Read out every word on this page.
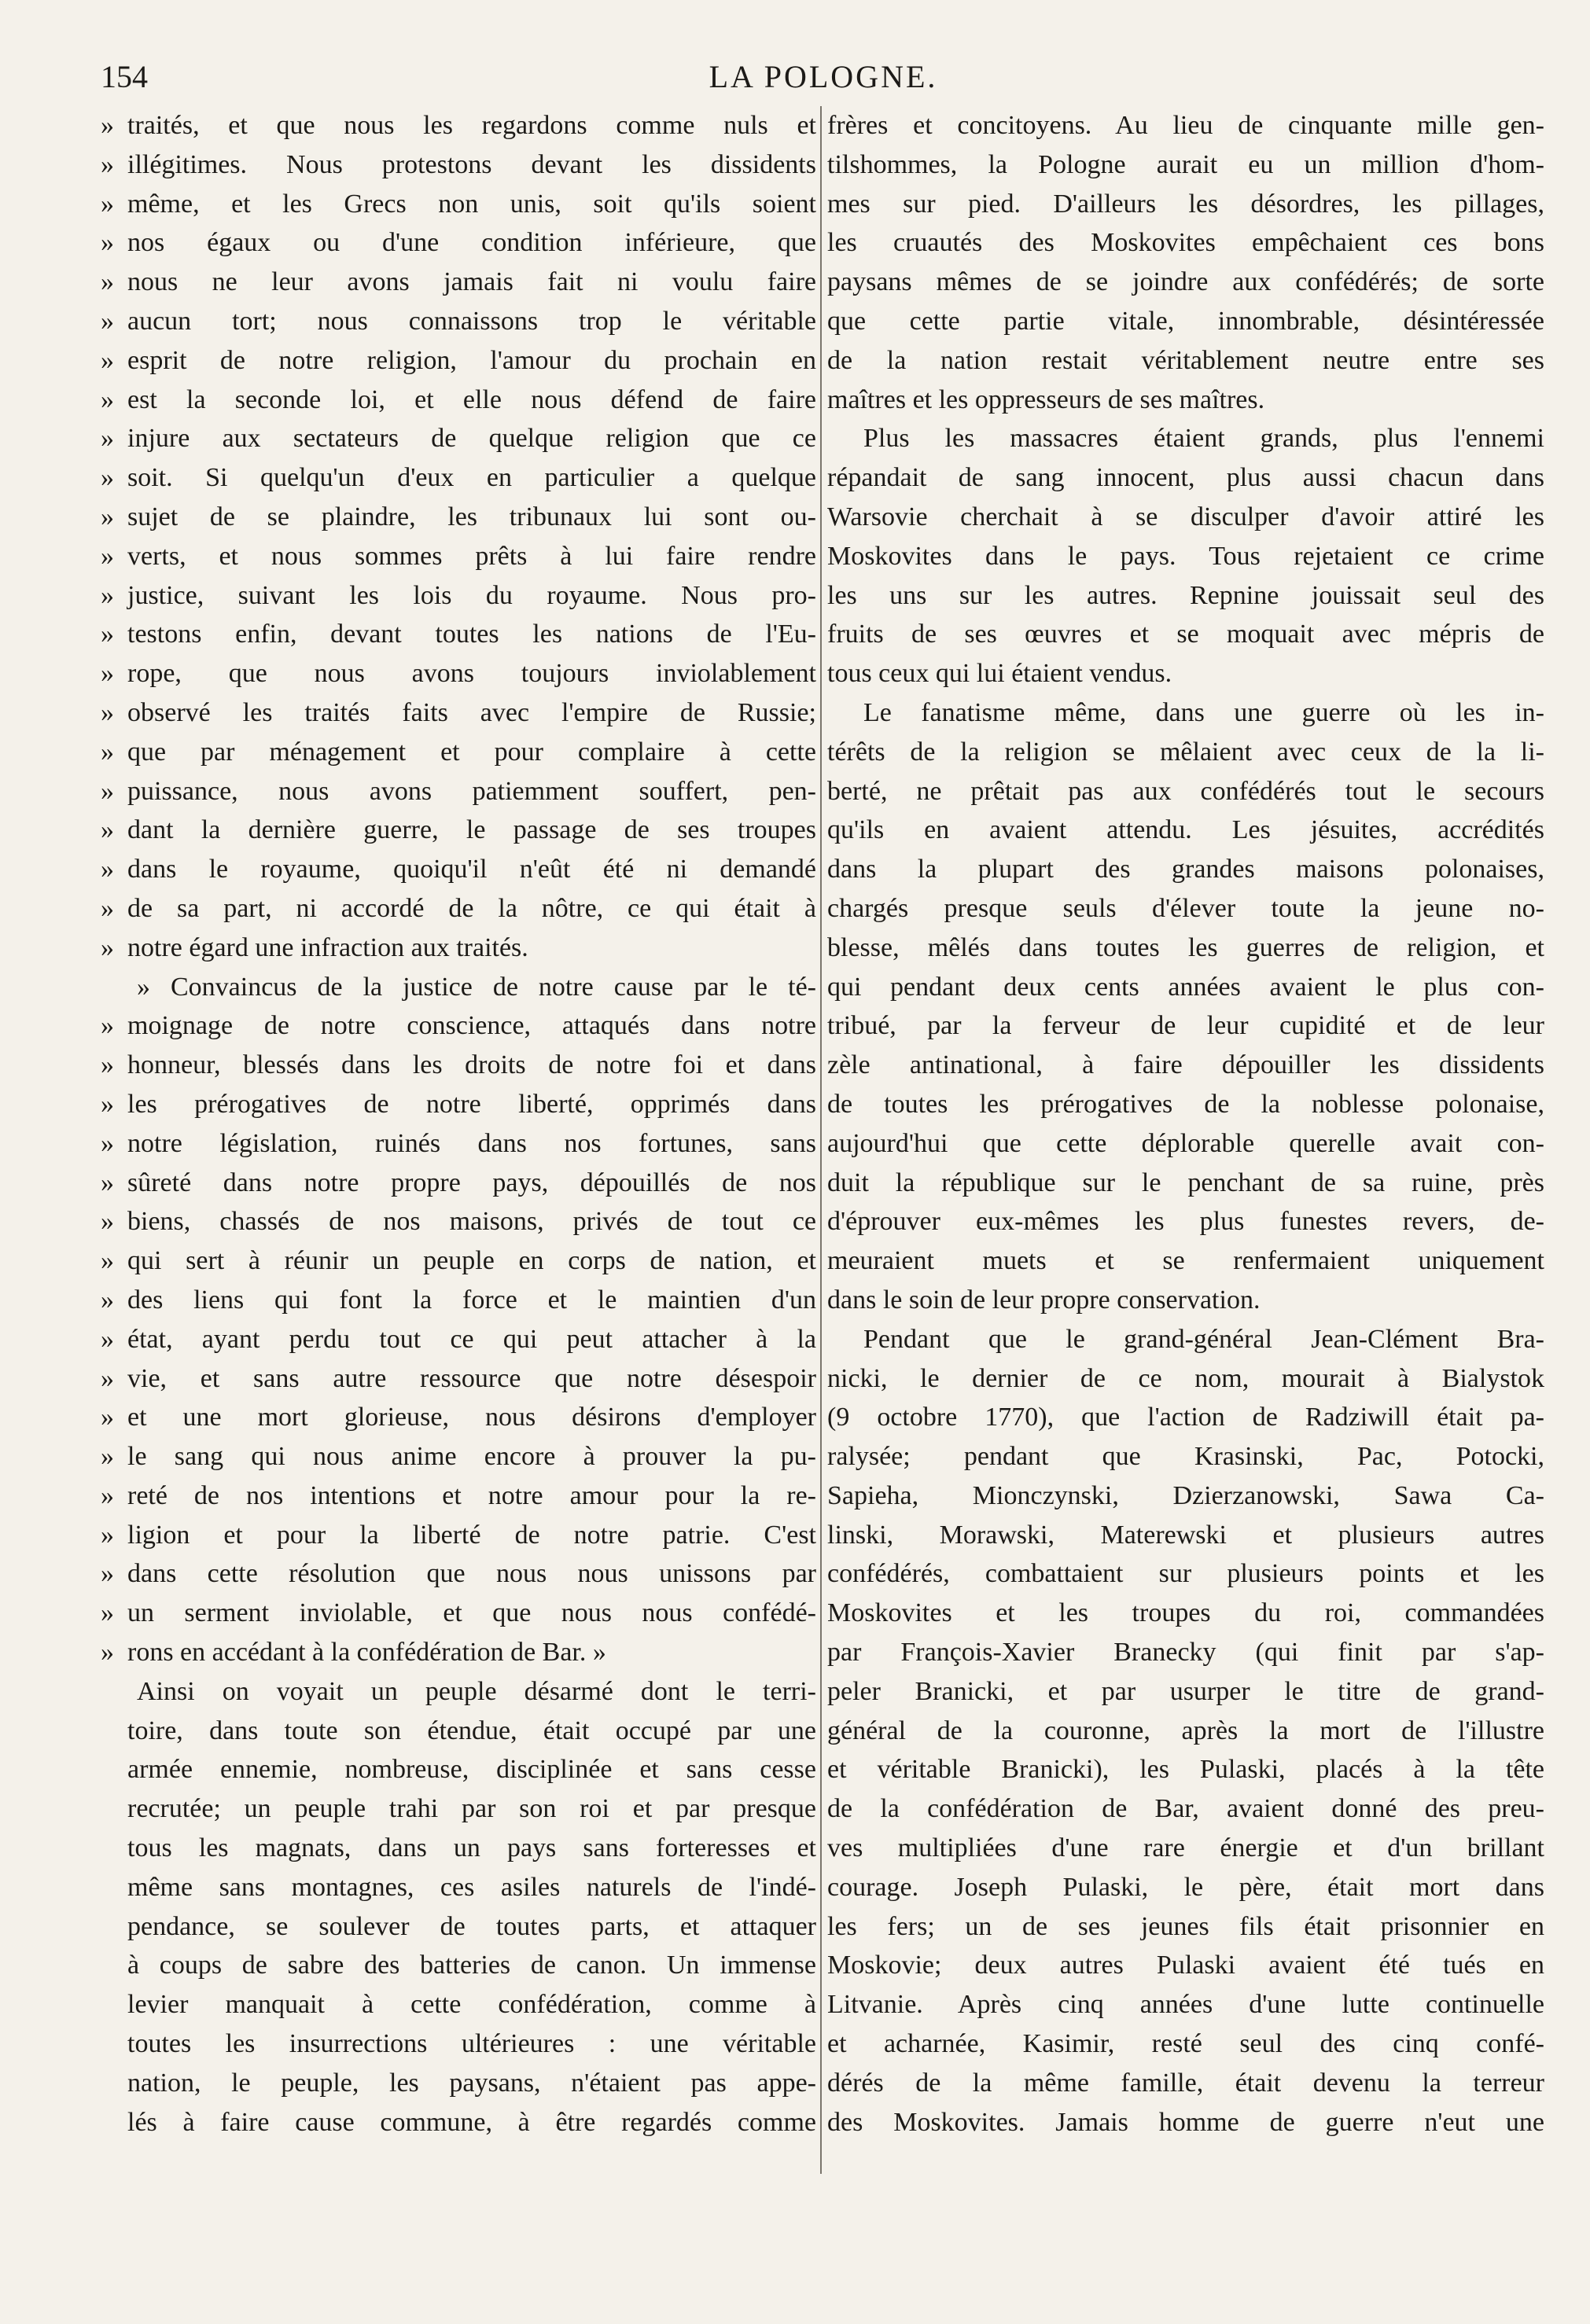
154	LA POLOGNE.
» traités, et que nous les regardons comme nuls et
» illégitimes. Nous protestons devant les dissidents
» même, et les Grecs non unis, soit qu'ils soient
» nos égaux ou d'une condition inférieure, que
» nous ne leur avons jamais fait ni voulu faire
» aucun tort; nous connaissons trop le véritable
» esprit de notre religion, l'amour du prochain en
» est la seconde loi, et elle nous défend de faire
» injure aux sectateurs de quelque religion que ce
» soit. Si quelqu'un d'eux en particulier a quelque
» sujet de se plaindre, les tribunaux lui sont ou-
» verts, et nous sommes prêts à lui faire rendre
» justice, suivant les lois du royaume. Nous pro-
» testons enfin, devant toutes les nations de l'Eu-
» rope, que nous avons toujours inviolablement
» observé les traités faits avec l'empire de Russie;
» que par ménagement et pour complaire à cette
» puissance, nous avons patiemment souffert, pen-
» dant la dernière guerre, le passage de ses troupes
» dans le royaume, quoiqu'il n'eût été ni demandé
» de sa part, ni accordé de la nôtre, ce qui était à
» notre égard une infraction aux traités.
» Convaincus de la justice de notre cause par le té-
» moignage de notre conscience, attaqués dans notre
» honneur, blessés dans les droits de notre foi et dans
» les prérogatives de notre liberté, opprimés dans
» notre législation, ruinés dans nos fortunes, sans
» sûreté dans notre propre pays, dépouillés de nos
» biens, chassés de nos maisons, privés de tout ce
» qui sert à réunir un peuple en corps de nation, et
» des liens qui font la force et le maintien d'un
» état, ayant perdu tout ce qui peut attacher à la
» vie, et sans autre ressource que notre désespoir
» et une mort glorieuse, nous désirons d'employer
» le sang qui nous anime encore à prouver la pu-
» reté de nos intentions et notre amour pour la re-
» ligion et pour la liberté de notre patrie. C'est
» dans cette résolution que nous nous unissons par
» un serment inviolable, et que nous nous confédé-
» rons en accédant à la confédération de Bar. »
Ainsi on voyait un peuple désarmé dont le terri-
toire, dans toute son étendue, était occupé par une
armée ennemie, nombreuse, disciplinée et sans cesse
recrutée; un peuple trahi par son roi et par presque
tous les magnats, dans un pays sans forteresses et
même sans montagnes, ces asiles naturels de l'indé-
pendance, se soulever de toutes parts, et attaquer
à coups de sabre des batteries de canon. Un immense
levier manquait à cette confédération, comme à
toutes les insurrections ultérieures : une véritable
nation, le peuple, les paysans, n'étaient pas appe-
lés à faire cause commune, à être regardés comme
frères et concitoyens. Au lieu de cinquante mille gen-
tilshommes, la Pologne aurait eu un million d'hom-
mes sur pied. D'ailleurs les désordres, les pillages,
les cruautés des Moskovites empêchaient ces bons
paysans mêmes de se joindre aux confédérés; de sorte
que cette partie vitale, innombrable, désintéressée
de la nation restait véritablement neutre entre ses
maîtres et les oppresseurs de ses maîtres.
Plus les massacres étaient grands, plus l'ennemi
répandait de sang innocent, plus aussi chacun dans
Warsovie cherchait à se disculper d'avoir attiré les
Moskovites dans le pays. Tous rejetaient ce crime
les uns sur les autres. Repnine jouissait seul des
fruits de ses œuvres et se moquait avec mépris de
tous ceux qui lui étaient vendus.
Le fanatisme même, dans une guerre où les in-
térêts de la religion se mêlaient avec ceux de la li-
berté, ne prêtait pas aux confédérés tout le secours
qu'ils en avaient attendu. Les jésuites, accrédités
dans la plupart des grandes maisons polonaises,
chargés presque seuls d'élever toute la jeune no-
blesse, mêlés dans toutes les guerres de religion, et
qui pendant deux cents années avaient le plus con-
tribué, par la ferveur de leur cupidité et de leur
zèle antinational, à faire dépouiller les dissidents
de toutes les prérogatives de la noblesse polonaise,
aujourd'hui que cette déplorable querelle avait con-
duit la république sur le penchant de sa ruine, près
d'éprouver eux-mêmes les plus funestes revers, de-
meuraient muets et se renfermaient uniquement
dans le soin de leur propre conservation.
Pendant que le grand-général Jean-Clément Bra-
nicki, le dernier de ce nom, mourait à Bialystok
(9 octobre 1770), que l'action de Radziwill était pa-
ralysée; pendant que Krasinski, Pac, Potocki,
Sapieha, Mionczynski, Dzierzanowski, Sawa Ca-
linski, Morawski, Materewski et plusieurs autres
confédérés, combattaient sur plusieurs points et les
Moskovites et les troupes du roi, commandées
par François-Xavier Branecky (qui finit par s'ap-
peler Branicki, et par usurper le titre de grand-
général de la couronne, après la mort de l'illustre
et véritable Branicki), les Pulaski, placés à la tête
de la confédération de Bar, avaient donné des preu-
ves multipliées d'une rare énergie et d'un brillant
courage. Joseph Pulaski, le père, était mort dans
les fers; un de ses jeunes fils était prisonnier en
Moskovie; deux autres Pulaski avaient été tués en
Litvanie. Après cinq années d'une lutte continuelle
et acharnée, Kasimir, resté seul des cinq confé-
dérés de la même famille, était devenu la terreur
des Moskovites. Jamais homme de guerre n'eut une
